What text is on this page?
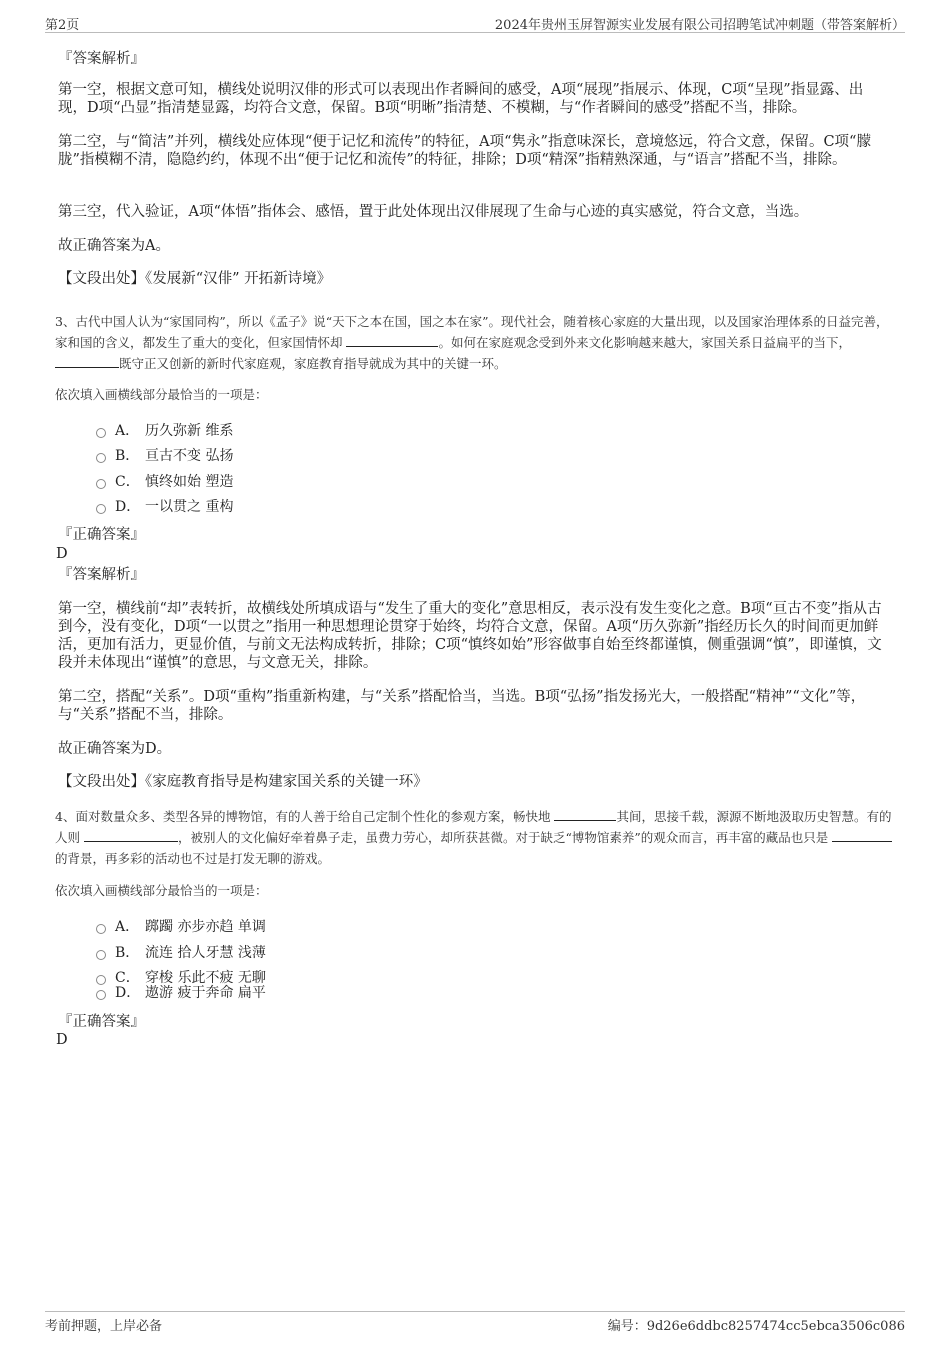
第2页	2024年贵州玉屏智源实业发展有限公司招聘笔试冲刺题（带答案解析）
『答案解析』
第一空，根据文意可知，横线处说明汉俳的形式可以表现出作者瞬间的感受，A项“展现”指展示、体现，C项“呈现”指显露、出现，D项“凸显”指清楚显露，均符合文意，保留。B项“明晰”指清楚、不模糊，与“作者瞬间的感受”搭配不当，排除。
第二空，与“简洁”并列，横线处应体现“便于记忆和流传”的特征，A项“隽永”指意味深长，意境悠远，符合文意，保留。C项“朦胧”指模糊不清，隐隐约约，体现不出“便于记忆和流传”的特征，排除；D项“精深”指精熟深通，与“语言”搭配不当，排除。
第三空，代入验证，A项“体悟”指体会、感悟，置于此处体现出汉俳展现了生命与心迹的真实感觉，符合文意，当选。
故正确答案为A。
【文段出处】《发展新“汉俳” 开拓新诗境》
3、古代中国人认为“家国同构”，所以《孟子》说“天下之本在国，国之本在家”。现代社会，随着核心家庭的大量出现，以及国家治理体系的日益完善，家和国的含义，都发生了重大的变化，但家国情怀却	。如何在家庭观念受到外来文化影响越来越大，家国关系日益扁平的当下， 既守正又创新的新时代家庭观，家庭教育指导就成为其中的关键一环。
依次填入画横线部分最恰当的一项是：
A． 历久弥新 维系
B． 亘古不变 弘扬
C． 慎终如始 塑造
D． 一以贯之 重构
『正确答案』
D
『答案解析』
第一空，横线前“却”表转折，故横线处所填成语与“发生了重大的变化”意思相反，表示没有发生变化之意。B项“亘古不变”指从古到今，没有变化，D项“一以贯之”指用一种思想理论贯穿于始终，均符合文意，保留。A项“历久弥新”指经历长久的时间而更加鲜活，更加有活力，更显价值，与前文无法构成转折，排除；C项“慎终如始”形容做事自始至终都谨慎，侧重强调“慎”，即谨慎，文段并未体现出“谨慎”的意思，与文意无关，排除。
第二空，搭配“关系”。D项“重构”指重新构建，与“关系”搭配恰当，当选。B项“弘扬”指发扬光大，一般搭配“精神”“文化”等，与“关系”搭配不当，排除。
故正确答案为D。
【文段出处】《家庭教育指导是构建家国关系的关键一环》
4、面对数量众多、类型各异的博物馆，有的人善于给自己定制个性化的参观方案，畅快地	其间，思接千载，源源不断地汲取历史智慧。有的人则	，被别人的文化偏好牵着鼻子走，虽费力劳心，却所获甚微。对于缺乏“博物馆素养”的观众而言，再丰富的藏品也只是 的背景，再多彩的活动也不过是打发无聊的游戏。
依次填入画横线部分最恰当的一项是：
A． 踯躅 亦步亦趋 单调
B． 流连 拾人牙慧 浅薄
C． 穿梭 乐此不疲 无聊
D． 遨游 疲于奔命 扁平
『正确答案』
D
考前押题，上岸必备	编号：9d26e6ddbc8257474cc5ebca3506c086
